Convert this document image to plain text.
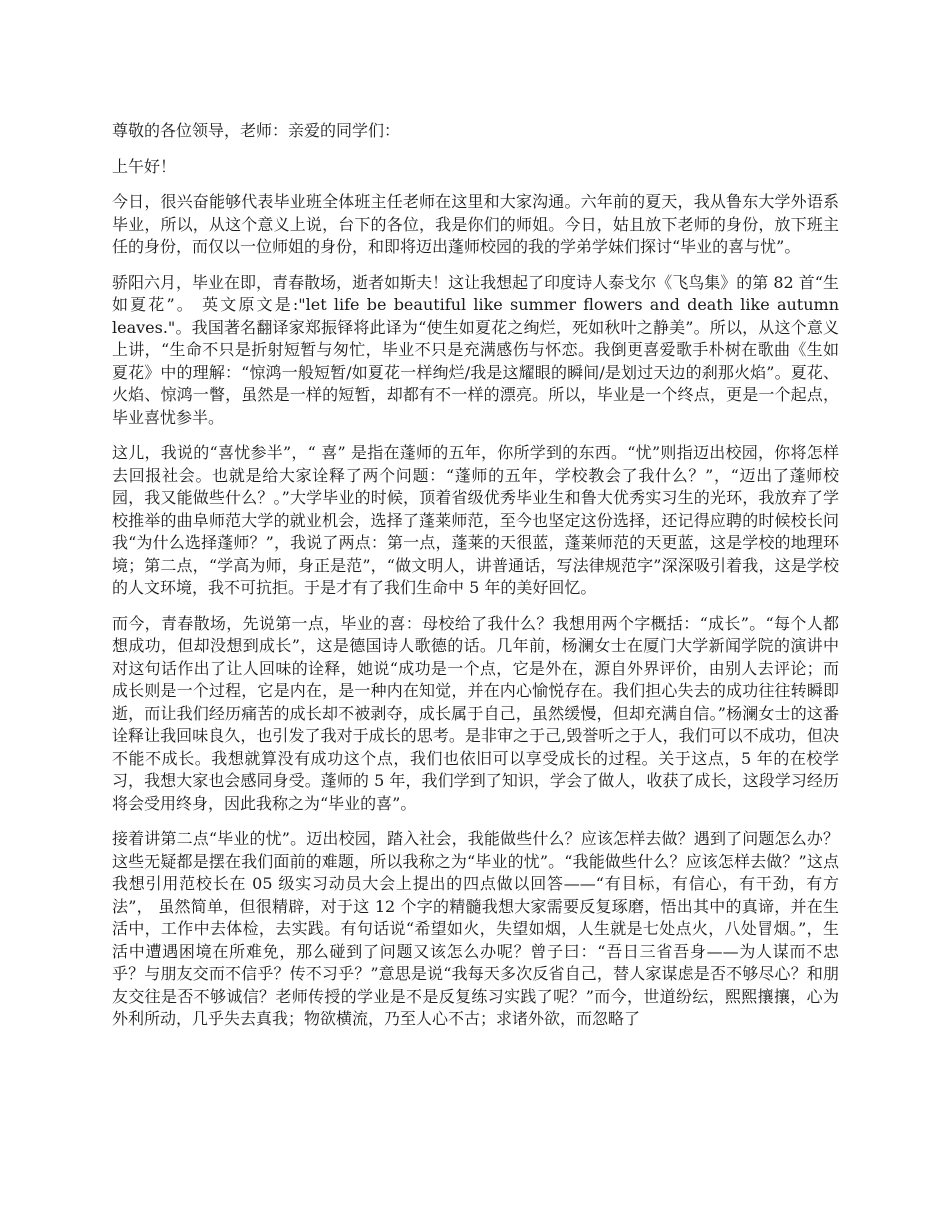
尊敬的各位领导，老师：亲爱的同学们：

上午好！

今日，很兴奋能够代表毕业班全体班主任老师在这里和大家沟通。六年前的夏天，我从鲁东大学外语系毕业，所以，从这个意义上说，台下的各位，我是你们的师姐。今日，姑且放下老师的身份，放下班主任的身份，而仅以一位师姐的身份，和即将迈出蓬师校园的我的学弟学妹们探讨“毕业的喜与忧”。

骄阳六月，毕业在即，青春散场，逝者如斯夫！这让我想起了印度诗人泰戈尔《飞鸟集》的第 82 首“生如夏花”。 英文原文是:"let life be beautiful like summer flowers and death like autumn leaves."。我国著名翻译家郑振铎将此译为“使生如夏花之绚烂，死如秋叶之静美”。所以，从这个意义上讲，“生命不只是折射短暂与匆忙，毕业不只是充满感伤与怀恋。我倒更喜爱歌手朴树在歌曲《生如夏花》中的理解：“惊鸿一般短暂/如夏花一样绚烂/我是这耀眼的瞬间/是划过天边的刹那火焰”。夏花、火焰、惊鸿一瞥，虽然是一样的短暂，却都有不一样的漂亮。所以，毕业是一个终点，更是一个起点，毕业喜忧参半。

这儿，我说的“喜忧参半”，“ 喜” 是指在蓬师的五年，你所学到的东西。“忧”则指迈出校园，你将怎样去回报社会。也就是给大家诠释了两个问题：“蓬师的五年，学校教会了我什么？”，“迈出了蓬师校园，我又能做些什么？。”大学毕业的时候，顶着省级优秀毕业生和鲁大优秀实习生的光环，我放弃了学校推举的曲阜师范大学的就业机会，选择了蓬莱师范，至今也坚定这份选择，还记得应聘的时候校长问我“为什么选择蓬师？”，我说了两点：第一点，蓬莱的天很蓝，蓬莱师范的天更蓝，这是学校的地理环境；第二点，“学高为师，身正是范”，“做文明人，讲普通话，写法律规范字”深深吸引着我，这是学校的人文环境，我不可抗拒。于是才有了我们生命中 5 年的美好回忆。

而今，青春散场，先说第一点，毕业的喜：母校给了我什么？我想用两个字概括：“成长”。“每个人都想成功，但却没想到成长”，这是德国诗人歌德的话。几年前，杨澜女士在厦门大学新闻学院的演讲中对这句话作出了让人回味的诠释，她说“成功是一个点，它是外在，源自外界评价，由别人去评论；而成长则是一个过程，它是内在，是一种内在知觉，并在内心愉悦存在。我们担心失去的成功往往转瞬即逝，而让我们经历痛苦的成长却不被剥夺，成长属于自己，虽然缓慢，但却充满自信。”杨澜女士的这番诠释让我回味良久，也引发了我对于成长的思考。是非审之于己,毁誉听之于人，我们可以不成功，但决不能不成长。我想就算没有成功这个点，我们也依旧可以享受成长的过程。关于这点，5 年的在校学习，我想大家也会感同身受。蓬师的 5 年，我们学到了知识，学会了做人，收获了成长，这段学习经历将会受用终身，因此我称之为“毕业的喜”。

接着讲第二点“毕业的忧”。迈出校园，踏入社会，我能做些什么？应该怎样去做？遇到了问题怎么办？这些无疑都是摆在我们面前的难题，所以我称之为“毕业的忧”。“我能做些什么？应该怎样去做？”这点我想引用范校长在 05 级实习动员大会上提出的四点做以回答——“有目标，有信心，有干劲，有方法”， 虽然简单，但很精辟，对于这 12 个字的精髓我想大家需要反复琢磨，悟出其中的真谛，并在生活中，工作中去体检，去实践。有句话说“希望如火，失望如烟，人生就是七处点火，八处冒烟。”，生活中遭遇困境在所难免，那么碰到了问题又该怎么办呢？曾子曰：“吾日三省吾身——为人谋而不忠乎？与朋友交而不信乎？传不习乎？”意思是说“我每天多次反省自己，替人家谋虑是否不够尽心？和朋友交往是否不够诚信？老师传授的学业是不是反复练习实践了呢？”而今，世道纷纭，熙熙攘攘，心为外利所动，几乎失去真我；物欲横流，乃至人心不古；求诸外欲，而忽略了
